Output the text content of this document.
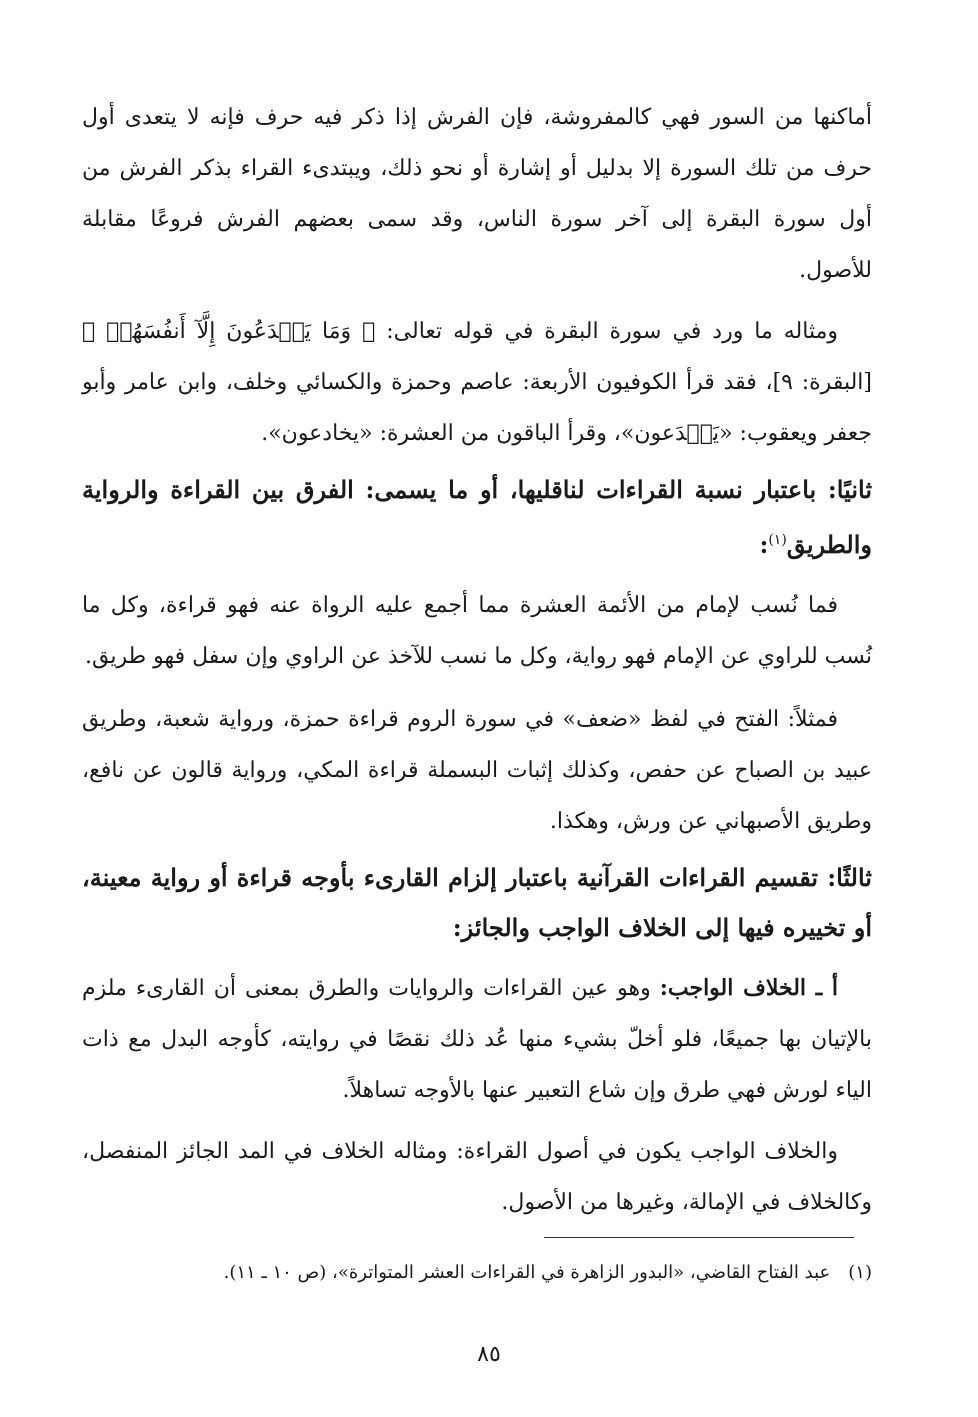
أماكنها من السور فهي كالمفروشة، فإن الفرش إذا ذكر فيه حرف فإنه لا يتعدى أول حرف من تلك السورة إلا بدليل أو إشارة أو نحو ذلك، ويبتدىء القراء بذكر الفرش من أول سورة البقرة إلى آخر سورة الناس، وقد سمى بعضهم الفرش فروعًا مقابلة للأصول.

ومثاله ما ورد في سورة البقرة في قوله تعالى: ﴿ وَمَا يَخۡدَعُونَ إِلَّآ أَنفُسَهُمۡ ﴾ [البقرة: ٩]، فقد قرأ الكوفيون الأربعة: عاصم وحمزة والكسائي وخلف، وابن عامر وأبو جعفر ويعقوب: «يَخۡدَعون»، وقرأ الباقون من العشرة: «يخادعون».

ثانيًا: باعتبار نسبة القراءات لناقليها، أو ما يسمى: الفرق بين القراءة والرواية والطريق$^{(١)}$:

فما نُسب لإمام من الأئمة العشرة مما أجمع عليه الرواة عنه فهو قراءة، وكل ما نُسب للراوي عن الإمام فهو رواية، وكل ما نسب للآخذ عن الراوي وإن سفل فهو طريق.

فمثلاً: الفتح في لفظ «ضعف» في سورة الروم قراءة حمزة، ورواية شعبة، وطريق عبيد بن الصباح عن حفص، وكذلك إثبات البسملة قراءة المكي، ورواية قالون عن نافع، وطريق الأصبهاني عن ورش، وهكذا.

ثالثًا: تقسيم القراءات القرآنية باعتبار إلزام القارىء بأوجه قراءة أو رواية معينة، أو تخييره فيها إلى الخلاف الواجب والجائز:

أ ـ الخلاف الواجب: وهو عين القراءات والروايات والطرق بمعنى أن القارىء ملزم بالإتيان بها جميعًا، فلو أخلّ بشيء منها عُد ذلك نقصًا في روايته، كأوجه البدل مع ذات الياء لورش فهي طرق وإن شاع التعبير عنها بالأوجه تساهلاً.

والخلاف الواجب يكون في أصول القراءة: ومثاله الخلاف في المد الجائز المنفصل، وكالخلاف في الإمالة، وغيرها من الأصول.

(١)عبد الفتاح القاضي، «البدور الزاهرة في القراءات العشر المتواترة»، (ص ١٠ ـ ١١).
٨٥
